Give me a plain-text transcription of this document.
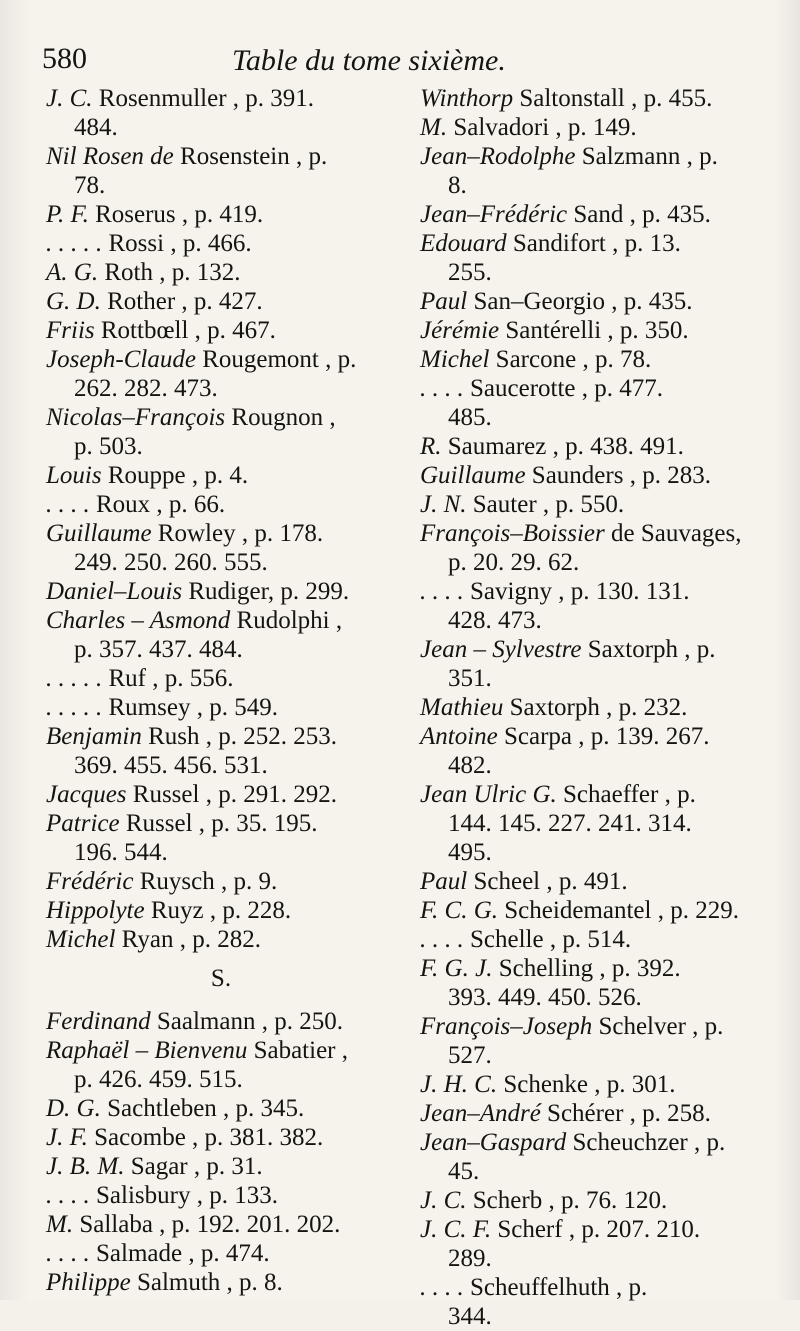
580	Table du tome sixième.
J. C. Rosenmuller , p. 391.
484.
Nil Rosen de Rosenstein , p.
78.
P. F. Roserus , p. 419.
. . . . . Rossi , p. 466.
A. G. Roth , p. 132.
G. D. Rother , p. 427.
Friis Rottbœll , p. 467.
Joseph-Claude Rougemont , p.
262. 282. 473.
Nicolas–François Rougnon ,
p. 503.
Louis Rouppe , p. 4.
. . . . Roux , p. 66.
Guillaume Rowley , p. 178.
249. 250. 260. 555.
Daniel–Louis Rudiger, p. 299.
Charles – Asmond Rudolphi ,
p. 357. 437. 484.
. . . . . Ruf , p. 556.
. . . . . Rumsey , p. 549.
Benjamin Rush , p. 252. 253.
369. 455. 456. 531.
Jacques Russel , p. 291. 292.
Patrice Russel , p. 35. 195.
196. 544.
Frédéric Ruysch , p. 9.
Hippolyte Ruyz , p. 228.
Michel Ryan , p. 282.
S.
Ferdinand Saalmann , p. 250.
Raphaël – Bienvenu Sabatier ,
p. 426. 459. 515.
D. G. Sachtleben , p. 345.
J. F. Sacombe , p. 381. 382.
J. B. M. Sagar , p. 31.
. . . . Salisbury , p. 133.
M. Sallaba , p. 192. 201. 202.
. . . . Salmade , p. 474.
Philippe Salmuth , p. 8.
Winthorp Saltonstall , p. 455.
M. Salvadori , p. 149.
Jean–Rodolphe Salzmann , p.
8.
Jean–Frédéric Sand , p. 435.
Edouard Sandifort , p. 13.
255.
Paul San–Georgio , p. 435.
Jérémie Santérelli , p. 350.
Michel Sarcone , p. 78.
. . . . Saucerotte , p. 477.
485.
R. Saumarez , p. 438. 491.
Guillaume Saunders , p. 283.
J. N. Sauter , p. 550.
François–Boissier de Sauvages,
p. 20. 29. 62.
. . . . Savigny , p. 130. 131.
428. 473.
Jean – Sylvestre Saxtorph , p.
351.
Mathieu Saxtorph , p. 232.
Antoine Scarpa , p. 139. 267.
482.
Jean Ulric G. Schaeffer , p.
144. 145. 227. 241. 314.
495.
Paul Scheel , p. 491.
F. C. G. Scheidemantel , p. 229.
. . . . Schelle , p. 514.
F. G. J. Schelling , p. 392.
393. 449. 450. 526.
François–Joseph Schelver , p.
527.
J. H. C. Schenke , p. 301.
Jean–André Schérer , p. 258.
Jean–Gaspard Scheuchzer , p.
45.
J. C. Scherb , p. 76. 120.
J. C. F. Scherf , p. 207. 210.
289.
. . . . Scheuffelhuth , p.
344.
